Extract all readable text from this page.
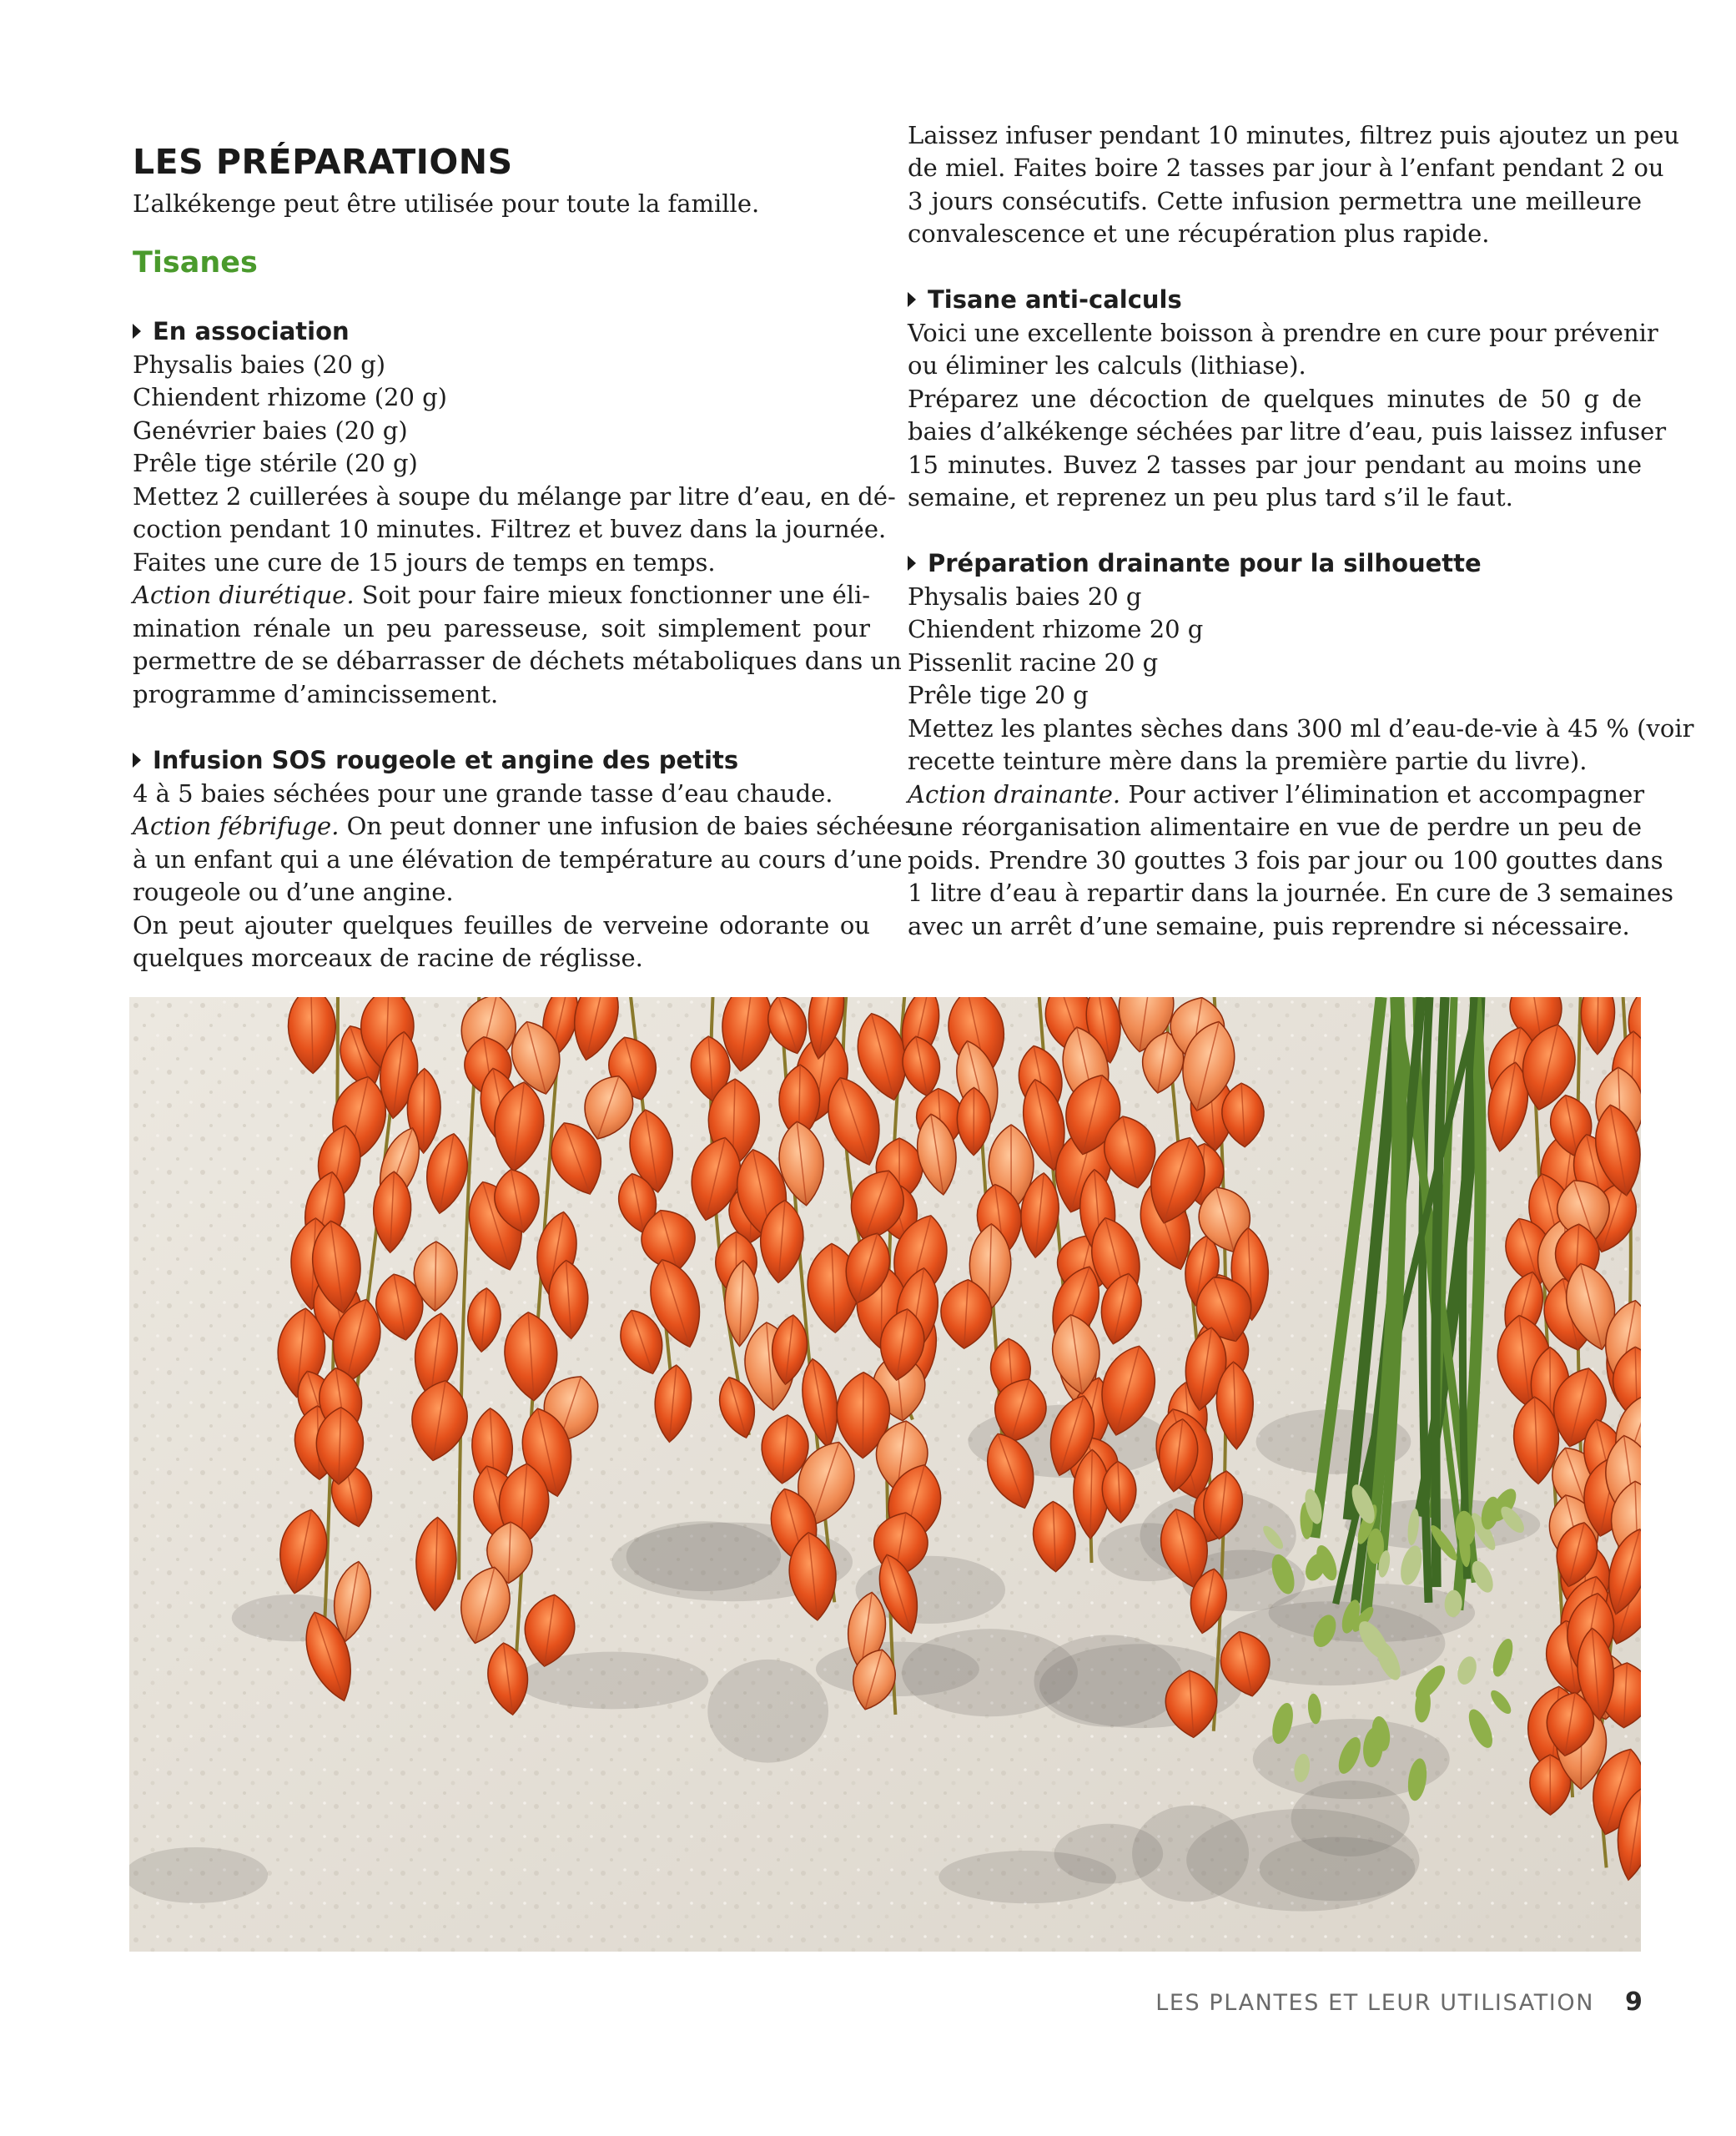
LES PRÉPARATIONS
L’alkékenge peut être utilisée pour toute la famille.
Tisanes
En association
Physalis baies (20 g)
Chiendent rhizome (20 g)
Genévrier baies (20 g)
Prêle tige stérile (20 g)
Mettez 2 cuillerées à soupe du mélange par litre d’eau, en dé-
coction pendant 10 minutes. Filtrez et buvez dans la journée.
Faites une cure de 15 jours de temps en temps.
Action diurétique. Soit pour faire mieux fonctionner une éli-
mination rénale un peu paresseuse, soit simplement pour
permettre de se débarrasser de déchets métaboliques dans un
programme d’amincissement.
Infusion SOS rougeole et angine des petits
4 à 5 baies séchées pour une grande tasse d’eau chaude.
Action fébrifuge. On peut donner une infusion de baies séchées
à un enfant qui a une élévation de température au cours d’une
rougeole ou d’une angine.
On peut ajouter quelques feuilles de verveine odorante ou
quelques morceaux de racine de réglisse.
Laissez infuser pendant 10 minutes, filtrez puis ajoutez un peu
de miel. Faites boire 2 tasses par jour à l’enfant pendant 2 ou
3 jours consécutifs. Cette infusion permettra une meilleure
convalescence et une récupération plus rapide.
Tisane anti-calculs
Voici une excellente boisson à prendre en cure pour prévenir
ou éliminer les calculs (lithiase).
Préparez une décoction de quelques minutes de 50 g de
baies d’alkékenge séchées par litre d’eau, puis laissez infuser
15 minutes. Buvez 2 tasses par jour pendant au moins une
semaine, et reprenez un peu plus tard s’il le faut.
Préparation drainante pour la silhouette
Physalis baies 20 g
Chiendent rhizome 20 g
Pissenlit racine 20 g
Prêle tige 20 g
Mettez les plantes sèches dans 300 ml d’eau-de-vie à 45 % (voir
recette teinture mère dans la première partie du livre).
Action drainante. Pour activer l’élimination et accompagner
une réorganisation alimentaire en vue de perdre un peu de
poids. Prendre 30 gouttes 3 fois par jour ou 100 gouttes dans
1 litre d’eau à repartir dans la journée. En cure de 3 semaines
avec un arrêt d’une semaine, puis reprendre si nécessaire.
LES PLANTES ET LEUR UTILISATION 9
